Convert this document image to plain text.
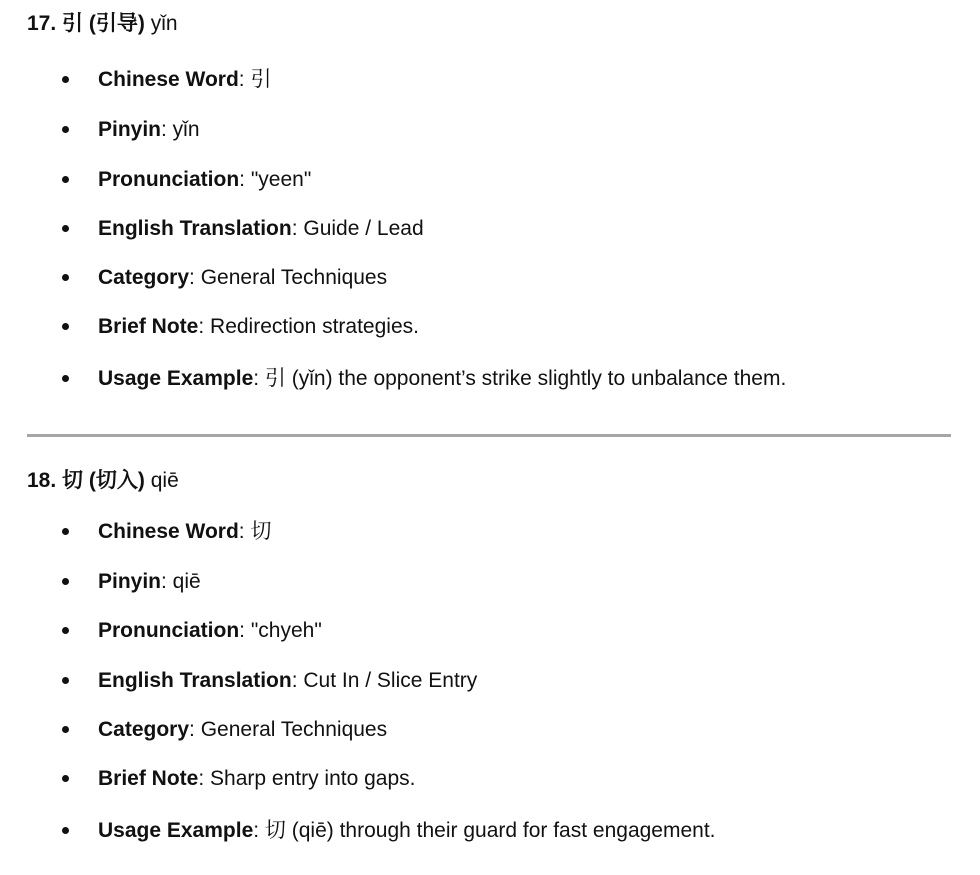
17. 引 (引导) yǐn
Chinese Word: 引
Pinyin: yǐn
Pronunciation: "yeen"
English Translation: Guide / Lead
Category: General Techniques
Brief Note: Redirection strategies.
Usage Example: 引 (yǐn) the opponent’s strike slightly to unbalance them.
18. 切 (切入) qiē
Chinese Word: 切
Pinyin: qiē
Pronunciation: "chyeh"
English Translation: Cut In / Slice Entry
Category: General Techniques
Brief Note: Sharp entry into gaps.
Usage Example: 切 (qiē) through their guard for fast engagement.
